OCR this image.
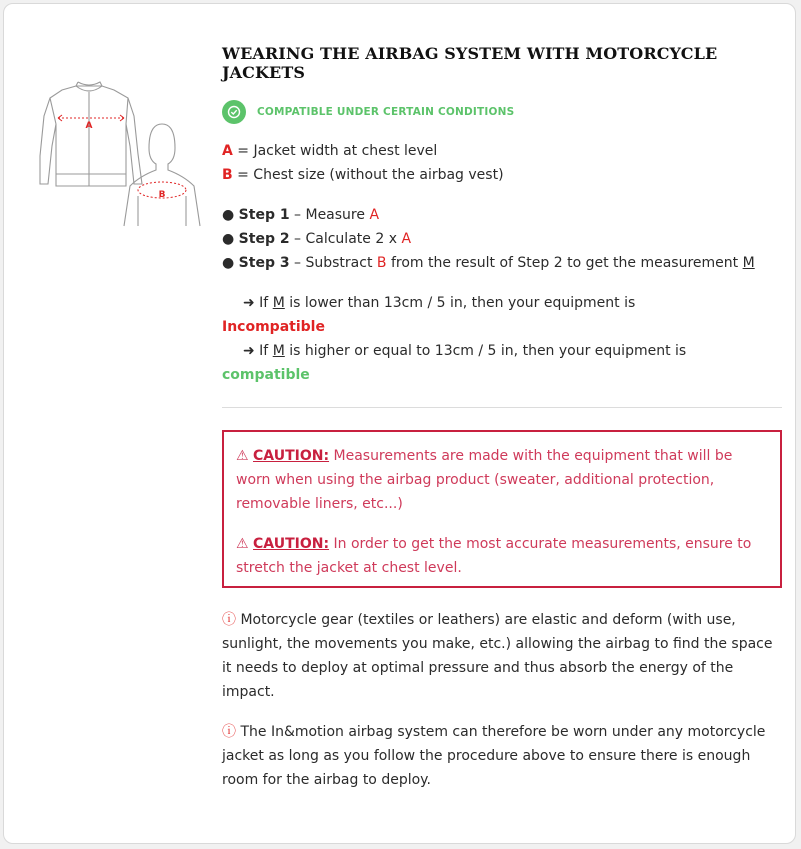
A
B
WEARING THE AIRBAG SYSTEM WITH MOTORCYCLE JACKETS
COMPATIBLE UNDER CERTAIN CONDITIONS

A = Jacket width at chest level

B = Chest size (without the airbag vest)

● Step 1 – Measure A

● Step 2 – Calculate 2 x A

● Step 3 – Substract B from the result of Step 2 to get the measurement M

➜ If M is lower than 13cm / 5 in, then your equipment is

Incompatible

➜ If M is higher or equal to 13cm / 5 in, then your equipment is

compatible

⚠ CAUTION: Measurements are made with the equipment that will be worn when using the airbag product (sweater, additional protection, removable liners, etc...)

⚠ CAUTION: In order to get the most accurate measurements, ensure to stretch the jacket at chest level.

ⓘ Motorcycle gear (textiles or leathers) are elastic and deform (with use, sunlight, the movements you make, etc.) allowing the airbag to find the space it needs to deploy at optimal pressure and thus absorb the energy of the impact.

ⓘ The In&motion airbag system can therefore be worn under any motorcycle jacket as long as you follow the procedure above to ensure there is enough room for the airbag to deploy.
